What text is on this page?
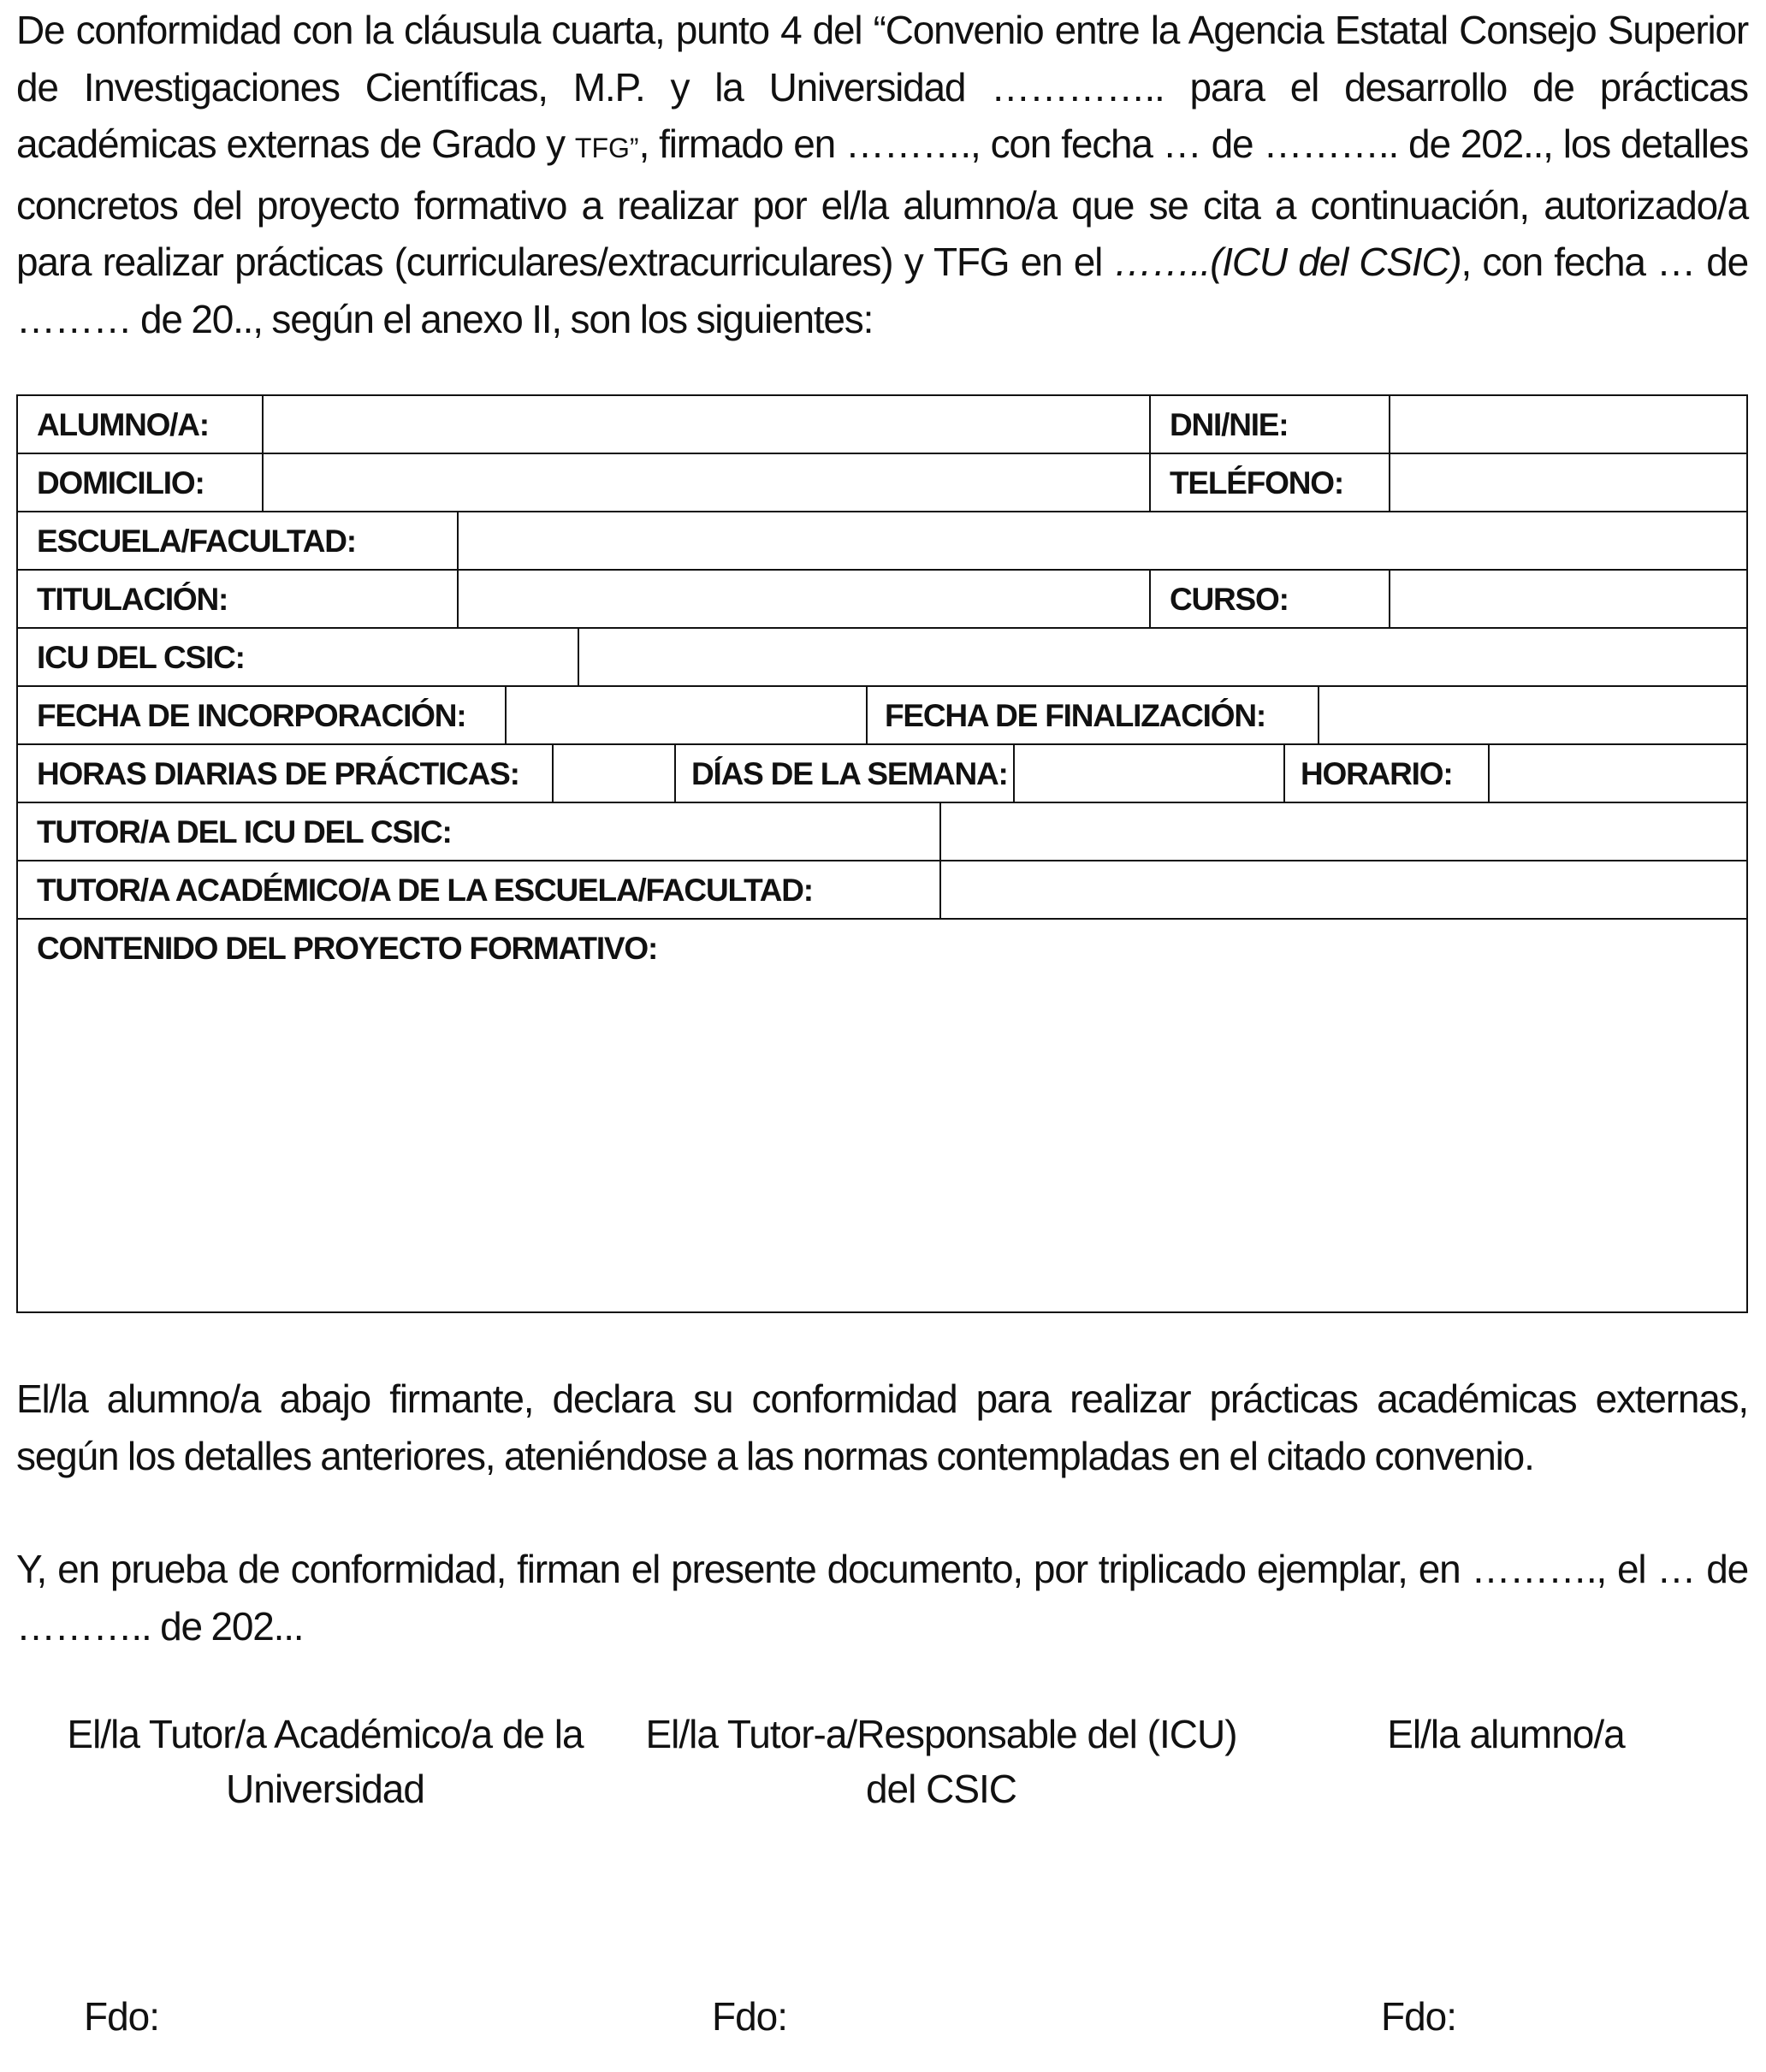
De conformidad con la cláusula cuarta, punto 4 del “Convenio entre la Agencia Estatal Consejo Superior de Investigaciones Científicas, M.P. y la Universidad ………….. para el desarrollo de prácticas académicas externas de Grado y TFG”, firmado en ………., con fecha … de ……….. de 202.., los detalles concretos del proyecto formativo a realizar por el/la alumno/a que se cita a continuación, autorizado/a para realizar prácticas (curriculares/extracurriculares) y TFG en el ……..(ICU del CSIC), con fecha … de ……… de 20.., según el anexo II, son los siguientes:
ALUMNO/A:	DNI/NIE:
DOMICILIO:	TELÉFONO:
ESCUELA/FACULTAD:
TITULACIÓN:	CURSO:
ICU DEL CSIC:
FECHA DE INCORPORACIÓN:	FECHA DE FINALIZACIÓN:
HORAS DIARIAS DE PRÁCTICAS:	DÍAS DE LA SEMANA:	HORARIO:
TUTOR/A DEL ICU DEL CSIC:
TUTOR/A ACADÉMICO/A DE LA ESCUELA/FACULTAD:
CONTENIDO DEL PROYECTO FORMATIVO:
El/la alumno/a abajo firmante, declara su conformidad para realizar prácticas académicas externas, según los detalles anteriores, ateniéndose a las normas contempladas en el citado convenio.
Y, en prueba de conformidad, firman el presente documento, por triplicado ejemplar, en ………., el … de ……….. de 202...
El/la Tutor/a Académico/a de la
Universidad
El/la Tutor-a/Responsable del (ICU)
del CSIC
El/la alumno/a
Fdo:	Fdo:	Fdo:
